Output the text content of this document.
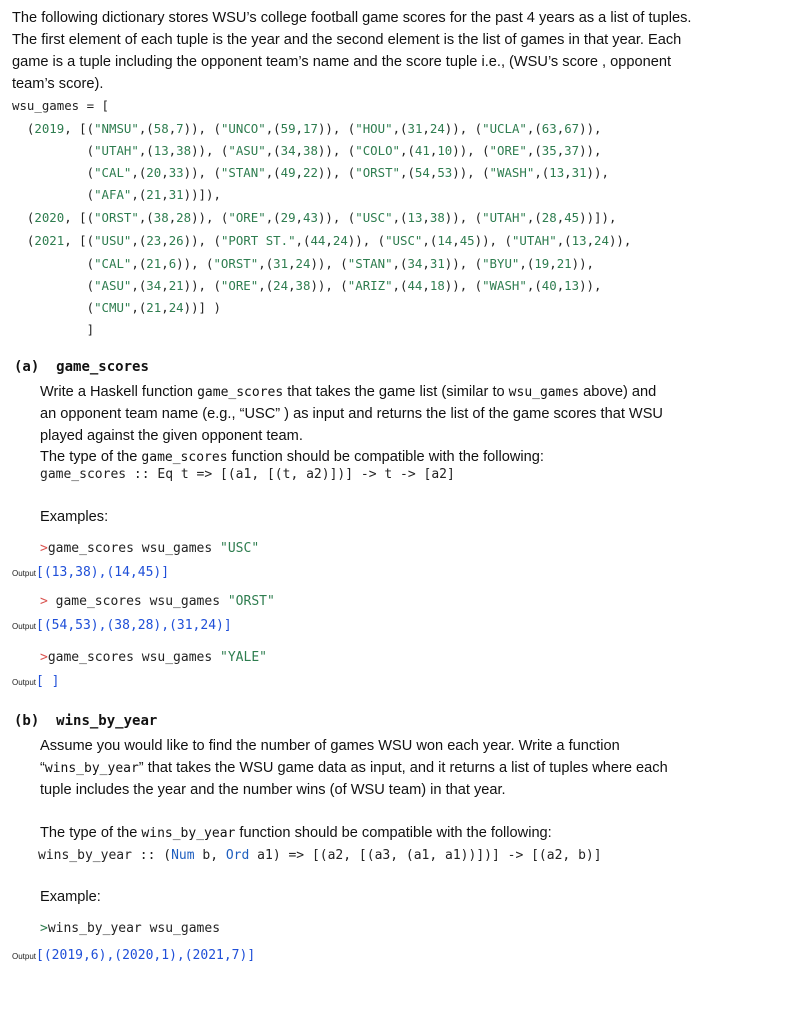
The following dictionary stores WSU’s college football game scores for the past 4 years as a list of tuples.

The first element of each tuple is the year and the second element is the list of games in that year. Each

game is a tuple including the opponent team’s name and the score tuple i.e., (WSU’s score , opponent

team’s score).

wsu_games = [
(2019, [("NMSU",(58,7)), ("UNCO",(59,17)), ("HOU",(31,24)), ("UCLA",(63,67)),
("UTAH",(13,38)), ("ASU",(34,38)), ("COLO",(41,10)), ("ORE",(35,37)),
("CAL",(20,33)), ("STAN",(49,22)), ("ORST",(54,53)), ("WASH",(13,31)),
("AFA",(21,31))]),
(2020, [("ORST",(38,28)), ("ORE",(29,43)), ("USC",(13,38)), ("UTAH",(28,45))]),
(2021, [("USU",(23,26)), ("PORT ST.",(44,24)), ("USC",(14,45)), ("UTAH",(13,24)),
("CAL",(21,6)), ("ORST",(31,24)), ("STAN",(34,31)), ("BYU",(19,21)),
("ASU",(34,21)), ("ORE",(24,38)), ("ARIZ",(44,18)), ("WASH",(40,13)),
("CMU",(21,24))] )
]
(a) game_scores

Write a Haskell function game_scores that takes the game list (similar to wsu_games above) and

an opponent team name (e.g., “USC” ) as input and returns the list of the game scores that WSU

played against the given opponent team.

The type of the game_scores function should be compatible with the following:

game_scores :: Eq t => [(a1, [(t, a2)])] -> t -> [a2]

Examples:

>game_scores wsu_games "USC"
Output[(13,38),(14,45)]
> game_scores wsu_games "ORST"
Output[(54,53),(38,28),(31,24)]
>game_scores wsu_games "YALE"
Output[ ]
(b) wins_by_year

Assume you would like to find the number of games WSU won each year. Write a function

“wins_by_year” that takes the WSU game data as input, and it returns a list of tuples where each

tuple includes the year and the number wins (of WSU team) in that year.

The type of the wins_by_year function should be compatible with the following:

wins_by_year :: (Num b, Ord a1) => [(a2, [(a3, (a1, a1))])] -> [(a2, b)]

Example:

>wins_by_year wsu_games
Output[(2019,6),(2020,1),(2021,7)]
